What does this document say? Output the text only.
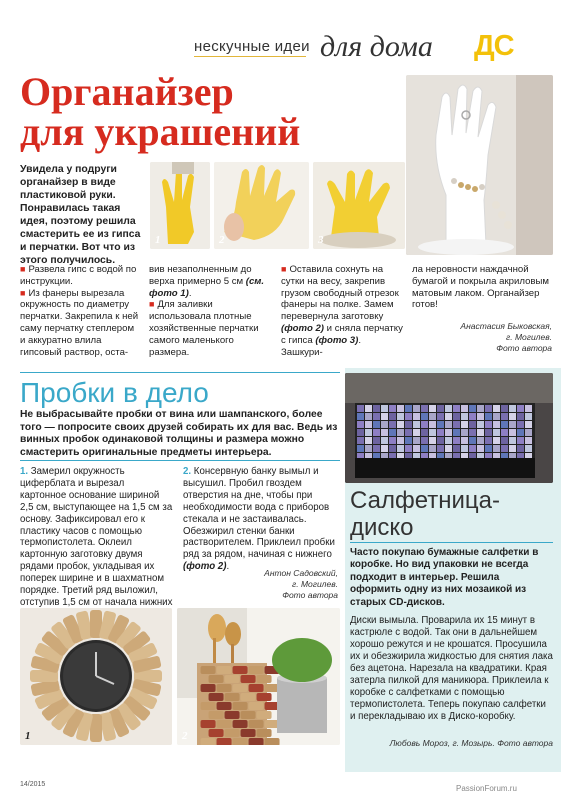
нескучные идеи для дома ДС
Органайзер
для украшений
Увидела у подруги органайзер в виде пластиковой руки. Понравилась такая идея, поэтому решила смастерить ее из гипса и перчатки. Вот что из этого получилось.
1	2	3

■ Развела гипс с водой по инструкции.

■ Из фанеры вырезала окружность по диаметру перчатки. Закрепила к ней саму перчатку степлером и аккуратно влила гипсовый раствор, оста-

вив незаполненным до верха примерно 5 см (см. фото 1).

■ Для заливки использовала плотные хозяйственные перчатки самого маленького размера.

■ Оставила сохнуть на сутки на весу, закрепив грузом свободный отрезок фанеры на полке. Замем перевернула заготовку (фото 2) и сняла перчатку с гипса (фото 3). Зашкури-

ла неровности наждачной бумагой и покрыла акриловым матовым лаком. Органайзер готов!

Анастасия Быковская,
г. Могилев.
Фото автора
Салфетница-
диско
Часто покупаю бумажные салфетки в коробке. Но вид упаковки не всегда подходит в интерьер. Решила оформить одну из них мозаикой из старых CD-дисков.
Диски вымыла. Проварила их 15 минут в кастрюле с водой. Так они в дальнейшем хорошо режутся и не крошатся. Просушила их и обезжирила жидкостью для снятия лака без ацетона. Нарезала на квадратики. Края затерла пилкой для маникюра. Приклеила к коробке с салфетками с помощью термопистолета. Теперь покупаю салфетки и перекладываю их в Диско-коробку.
Любовь Мороз, г. Мозырь. Фото автора
Пробки в дело
Не выбрасывайте пробки от вина или шампанского, более того — попросите своих друзей собирать их для вас. Ведь из винных пробок одинаковой толщины и размера можно смастерить оригинальные предметы интерьера.

1. Замерил окружность циферблата и вырезал картонное основание шириной 2,5 см, выступающее на 1,5 см за основу. Зафиксировал его к пластику часов с помощью термопистолета. Оклеил картонную заготовку двумя рядами пробок, укладывая их поперек ширине и в шахматном порядке. Третий ряд выложил, отступив 1,5 см от начала нижних

2. Консервную банку вымыл и высушил. Пробил гвоздем отверстия на дне, чтобы при необходимости вода с приборов стекала и не застаивалась. Обезжирил стенки банки растворителем. Приклеил пробки ряд за рядом, начиная с нижнего (фото 2).

Антон Садовский,
г. Могилев.
Фото автора
1	2
14/2015	PassionForum.ru
